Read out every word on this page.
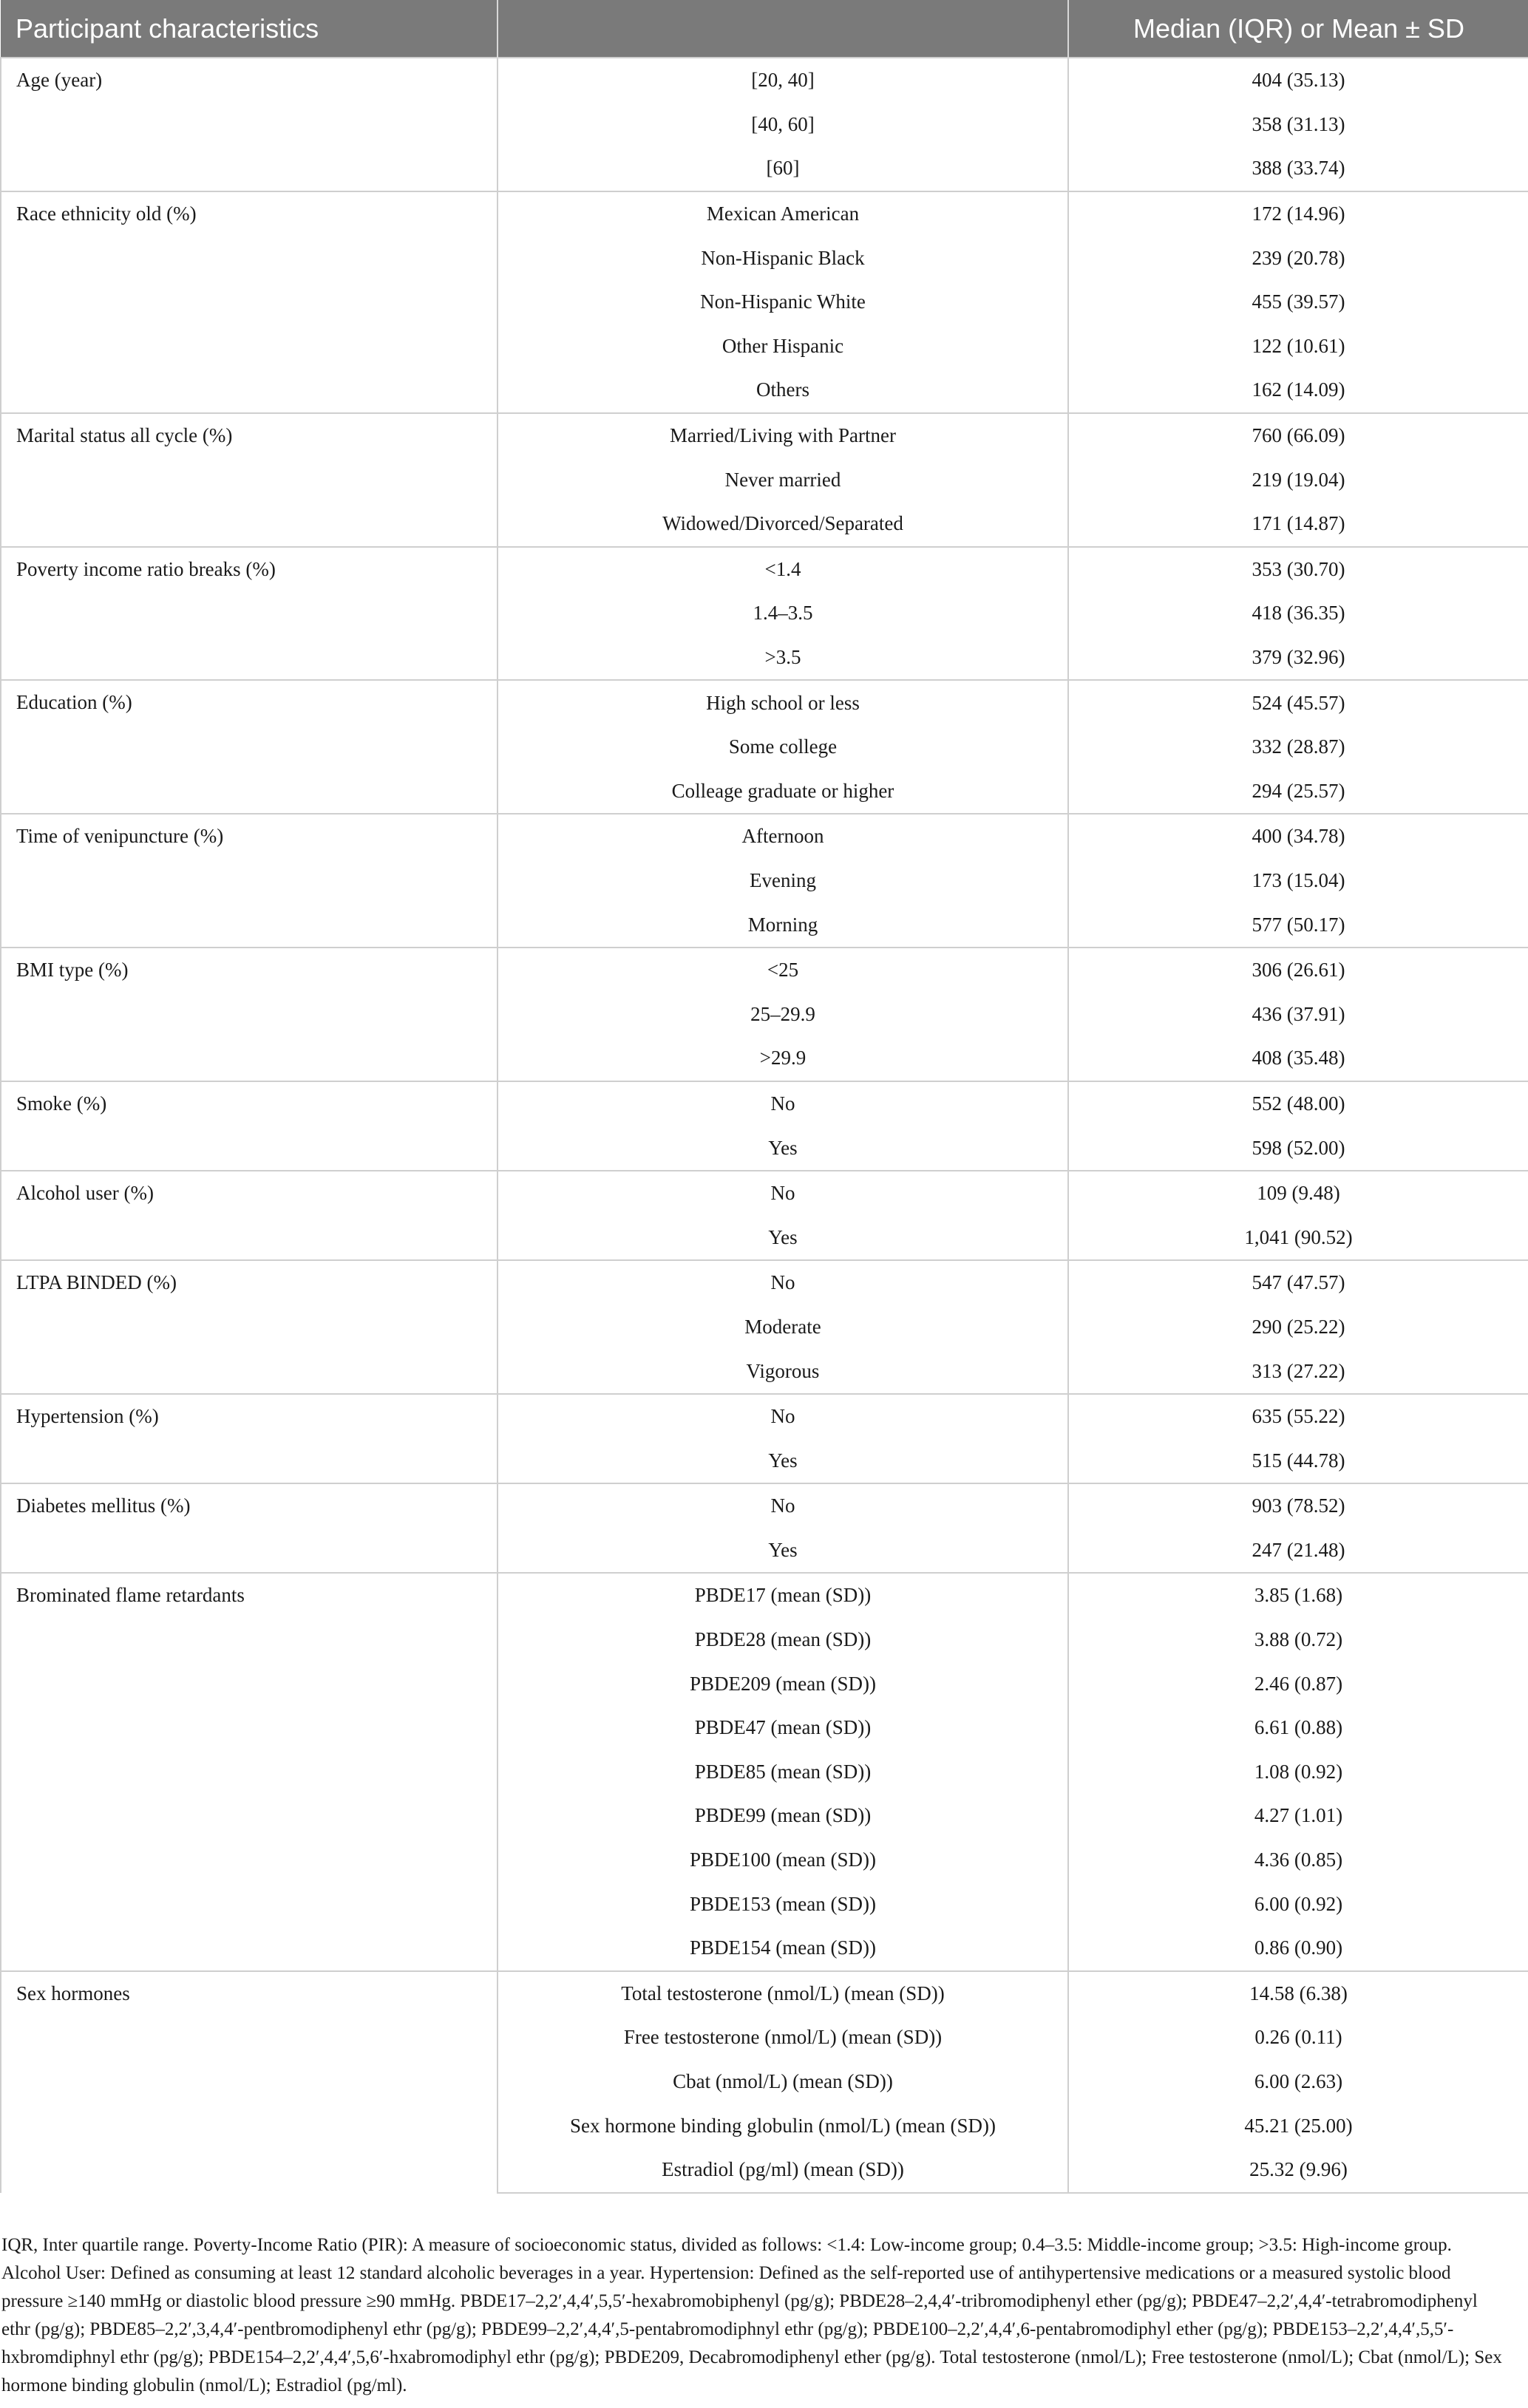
Participant characteristics		Median (IQR) or Mean ± SD
Age (year)	[20, 40]	404 (35.13)
	[40, 60]	358 (31.13)
	[60]	388 (33.74)
Race ethnicity old (%)	Mexican American	172 (14.96)
	Non-Hispanic Black	239 (20.78)
	Non-Hispanic White	455 (39.57)
	Other Hispanic	122 (10.61)
	Others	162 (14.09)
Marital status all cycle (%)	Married/Living with Partner	760 (66.09)
	Never married	219 (19.04)
	Widowed/Divorced/Separated	171 (14.87)
Poverty income ratio breaks (%)	<1.4	353 (30.70)
	1.4–3.5	418 (36.35)
	>3.5	379 (32.96)
Education (%)	High school or less	524 (45.57)
	Some college	332 (28.87)
	Colleage graduate or higher	294 (25.57)
Time of venipuncture (%)	Afternoon	400 (34.78)
	Evening	173 (15.04)
	Morning	577 (50.17)
BMI type (%)	<25	306 (26.61)
	25–29.9	436 (37.91)
	>29.9	408 (35.48)
Smoke (%)	No	552 (48.00)
	Yes	598 (52.00)
Alcohol user (%)	No	109 (9.48)
	Yes	1,041 (90.52)
LTPA BINDED (%)	No	547 (47.57)
	Moderate	290 (25.22)
	Vigorous	313 (27.22)
Hypertension (%)	No	635 (55.22)
	Yes	515 (44.78)
Diabetes mellitus (%)	No	903 (78.52)
	Yes	247 (21.48)
Brominated flame retardants	PBDE17 (mean (SD))	3.85 (1.68)
	PBDE28 (mean (SD))	3.88 (0.72)
	PBDE209 (mean (SD))	2.46 (0.87)
	PBDE47 (mean (SD))	6.61 (0.88)
	PBDE85 (mean (SD))	1.08 (0.92)
	PBDE99 (mean (SD))	4.27 (1.01)
	PBDE100 (mean (SD))	4.36 (0.85)
	PBDE153 (mean (SD))	6.00 (0.92)
	PBDE154 (mean (SD))	0.86 (0.90)
Sex hormones	Total testosterone (nmol/L) (mean (SD))	14.58 (6.38)
	Free testosterone (nmol/L) (mean (SD))	0.26 (0.11)
	Cbat (nmol/L) (mean (SD))	6.00 (2.63)
	Sex hormone binding globulin (nmol/L) (mean (SD))	45.21 (25.00)
	Estradiol (pg/ml) (mean (SD))	25.32 (9.96)
IQR, Inter quartile range. Poverty-Income Ratio (PIR): A measure of socioeconomic status, divided as follows: <1.4: Low-income group; 0.4–3.5: Middle-income group; >3.5: High-income group. Alcohol User: Defined as consuming at least 12 standard alcoholic beverages in a year. Hypertension: Defined as the self-reported use of antihypertensive medications or a measured systolic blood pressure ≥140 mmHg or diastolic blood pressure ≥90 mmHg. PBDE17–2,2′,4,4′,5,5′-hexabromobiphenyl (pg/g); PBDE28–2,4,4′-tribromodiphenyl ether (pg/g); PBDE47–2,2′,4,4′-tetrabromodiphenyl ethr (pg/g); PBDE85–2,2′,3,4,4′-pentbromodiphenyl ethr (pg/g); PBDE99–2,2′,4,4′,5-pentabromodiphnyl ethr (pg/g); PBDE100–2,2′,4,4′,6-pentabromodiphyl ether (pg/g); PBDE153–2,2′,4,4′,5,5′-hxbromdiphnyl ethr (pg/g); PBDE154–2,2′,4,4′,5,6′-hxabromodiphyl ethr (pg/g); PBDE209, Decabromodiphenyl ether (pg/g). Total testosterone (nmol/L); Free testosterone (nmol/L); Cbat (nmol/L); Sex hormone binding globulin (nmol/L); Estradiol (pg/ml).
